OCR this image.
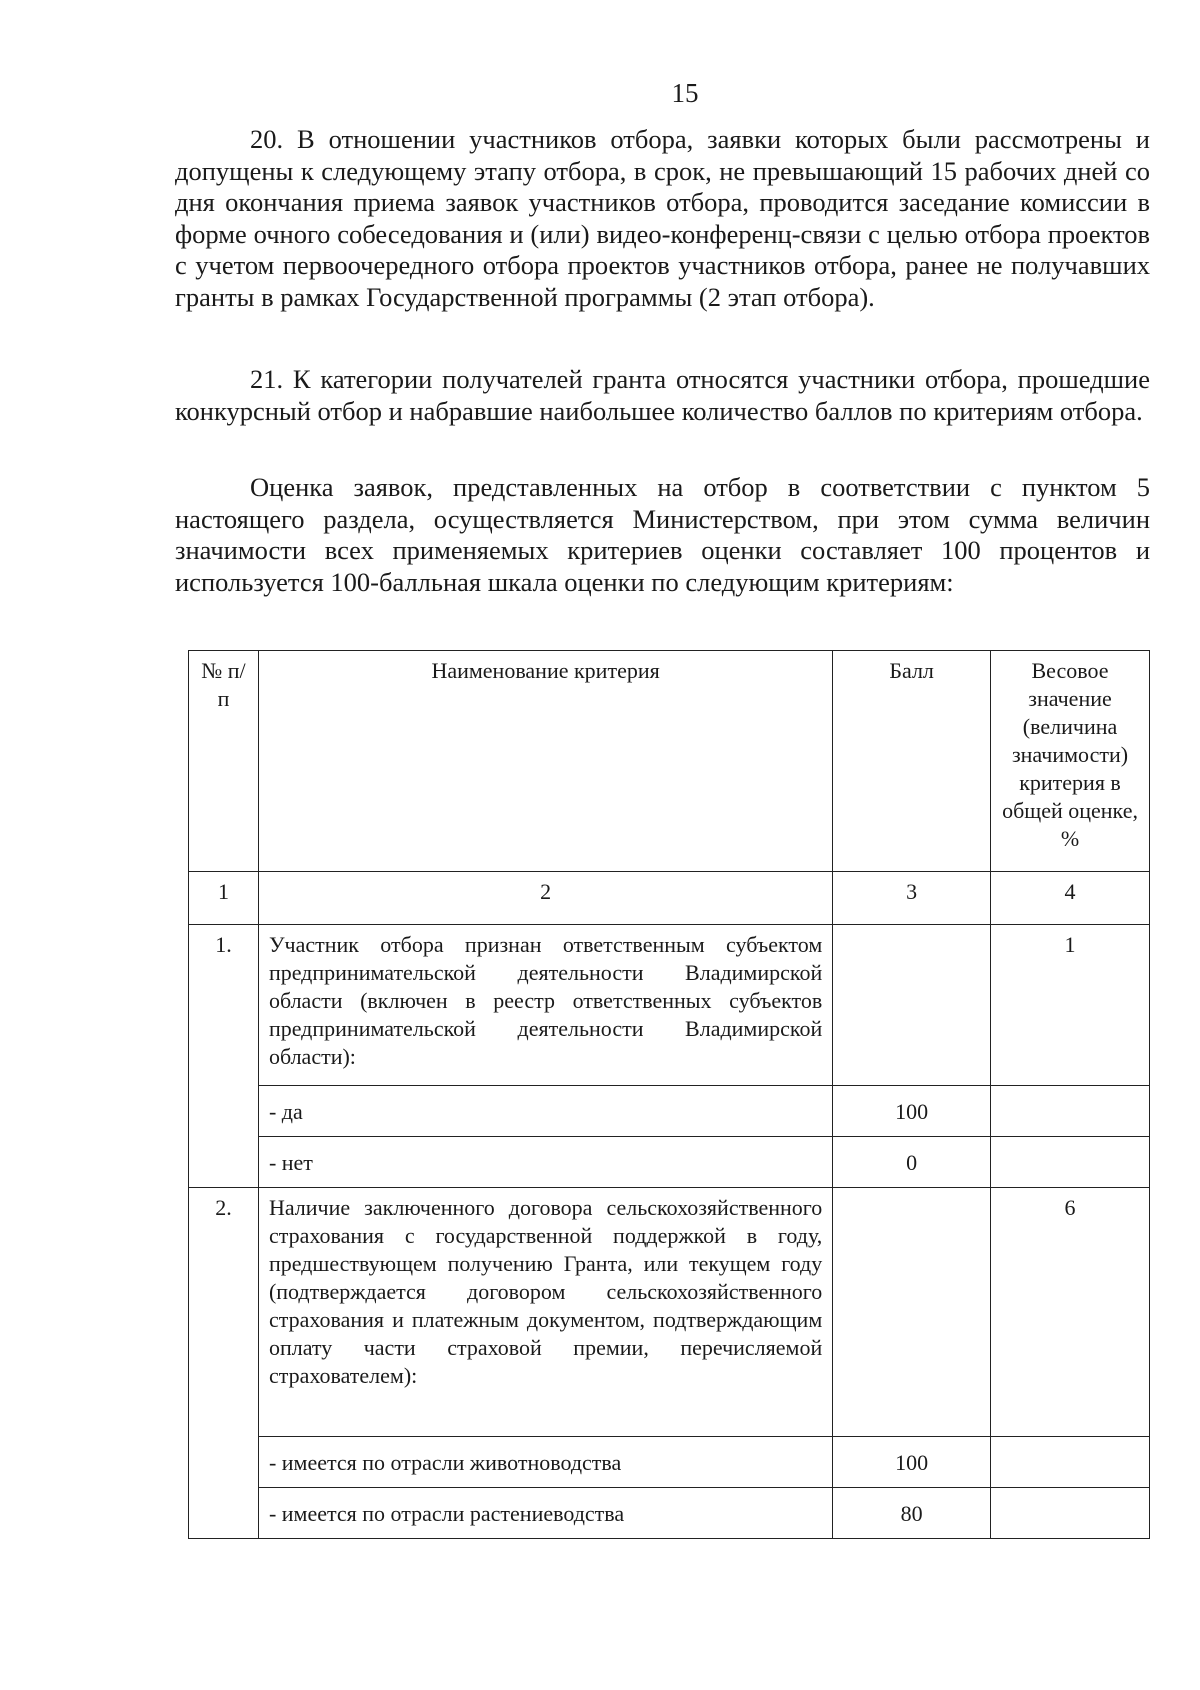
15

20. В отношении участников отбора, заявки которых были рассмотрены и допущены к следующему этапу отбора, в срок, не превышающий 15 рабочих дней со дня окончания приема заявок участников отбора, проводится заседание комиссии в форме очного собеседования и (или) видео-конференц-связи с целью отбора проектов с учетом первоочередного отбора проектов участников отбора, ранее не получавших гранты в рамках Государственной программы (2 этап отбора).

21. К категории получателей гранта относятся участники отбора, прошедшие конкурсный отбор и набравшие наибольшее количество баллов по критериям отбора.

Оценка заявок, представленных на отбор в соответствии с пунктом 5 настоящего раздела, осуществляется Министерством, при этом сумма величин значимости всех применяемых критериев оценки составляет 100 процентов и используется 100-балльная шкала оценки по следующим критериям:

№ п/п	Наименование критерия	Балл	Весовое значение (величина значимости) критерия в общей оценке, %
1	2	3	4
1.	Участник отбора признан ответственным субъектом предпринимательской деятельности Владимирской области (включен в реестр ответственных субъектов предпринимательской деятельности Владимирской области):		1
	- да	100	
	- нет	0	
2.	Наличие заключенного договора сельскохозяйственного страхования с государственной поддержкой в году, предшествующем получению Гранта, или текущем году (подтверждается договором сельскохозяйственного страхования и платежным документом, подтверждающим оплату части страховой премии, перечисляемой страхователем):		6
	- имеется по отрасли животноводства	100	
	- имеется по отрасли растениеводства	80	
